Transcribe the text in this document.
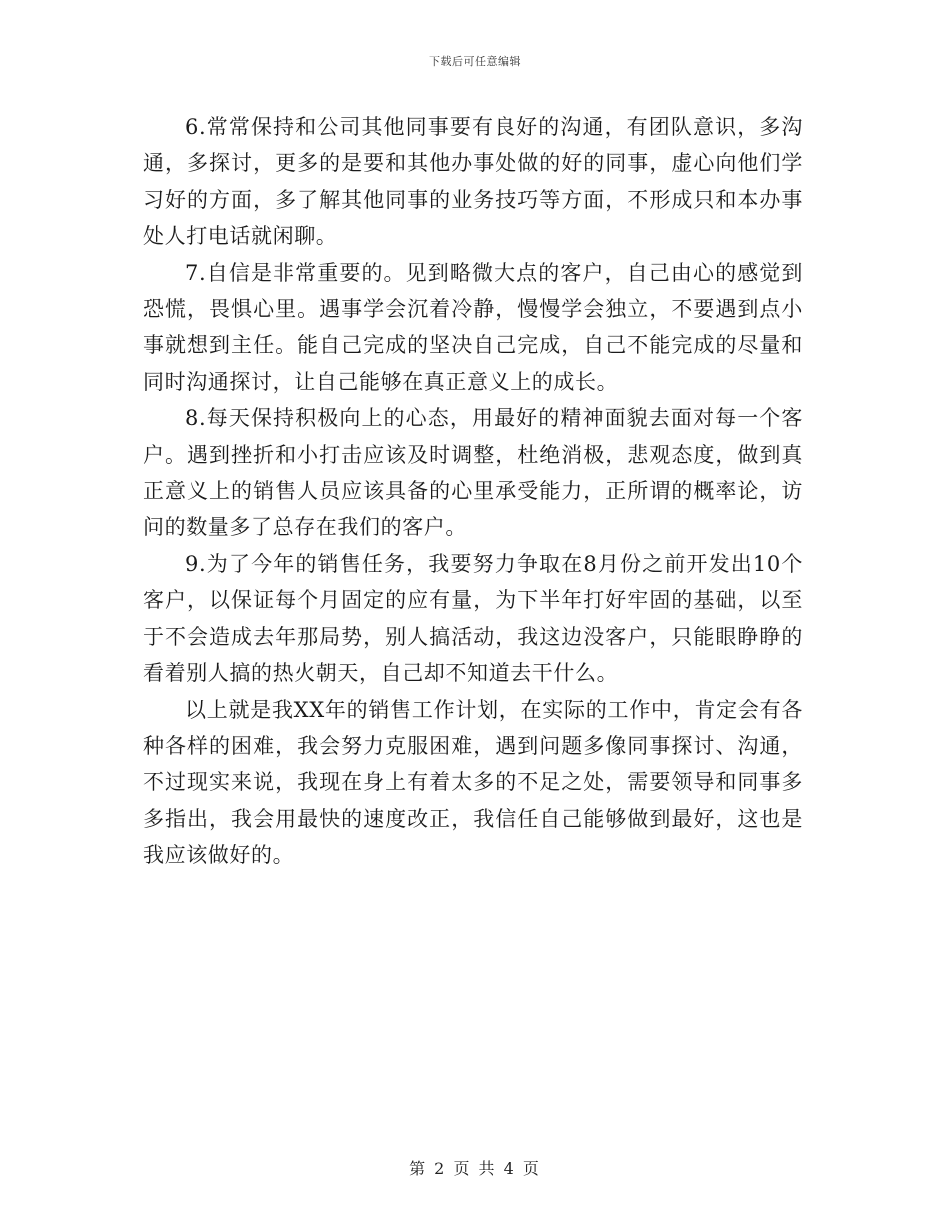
下载后可任意编辑

6.常常保持和公司其他同事要有良好的沟通，有团队意识，多沟通，多探讨，更多的是要和其他办事处做的好的同事，虚心向他们学习好的方面，多了解其他同事的业务技巧等方面，不形成只和本办事处人打电话就闲聊。

7.自信是非常重要的。见到略微大点的客户，自己由心的感觉到恐慌，畏惧心里。遇事学会沉着冷静，慢慢学会独立，不要遇到点小事就想到主任。能自己完成的坚决自己完成，自己不能完成的尽量和同时沟通探讨，让自己能够在真正意义上的成长。

8.每天保持积极向上的心态，用最好的精神面貌去面对每一个客户。遇到挫折和小打击应该及时调整，杜绝消极，悲观态度，做到真正意义上的销售人员应该具备的心里承受能力，正所谓的概率论，访问的数量多了总存在我们的客户。

9.为了今年的销售任务，我要努力争取在8月份之前开发出10个客户，以保证每个月固定的应有量，为下半年打好牢固的基础，以至于不会造成去年那局势，别人搞活动，我这边没客户，只能眼睁睁的看着别人搞的热火朝天，自己却不知道去干什么。

以上就是我XX年的销售工作计划，在实际的工作中，肯定会有各种各样的困难，我会努力克服困难，遇到问题多像同事探讨、沟通，不过现实来说，我现在身上有着太多的不足之处，需要领导和同事多多指出，我会用最快的速度改正，我信任自己能够做到最好，这也是我应该做好的。

第 2 页 共 4 页
